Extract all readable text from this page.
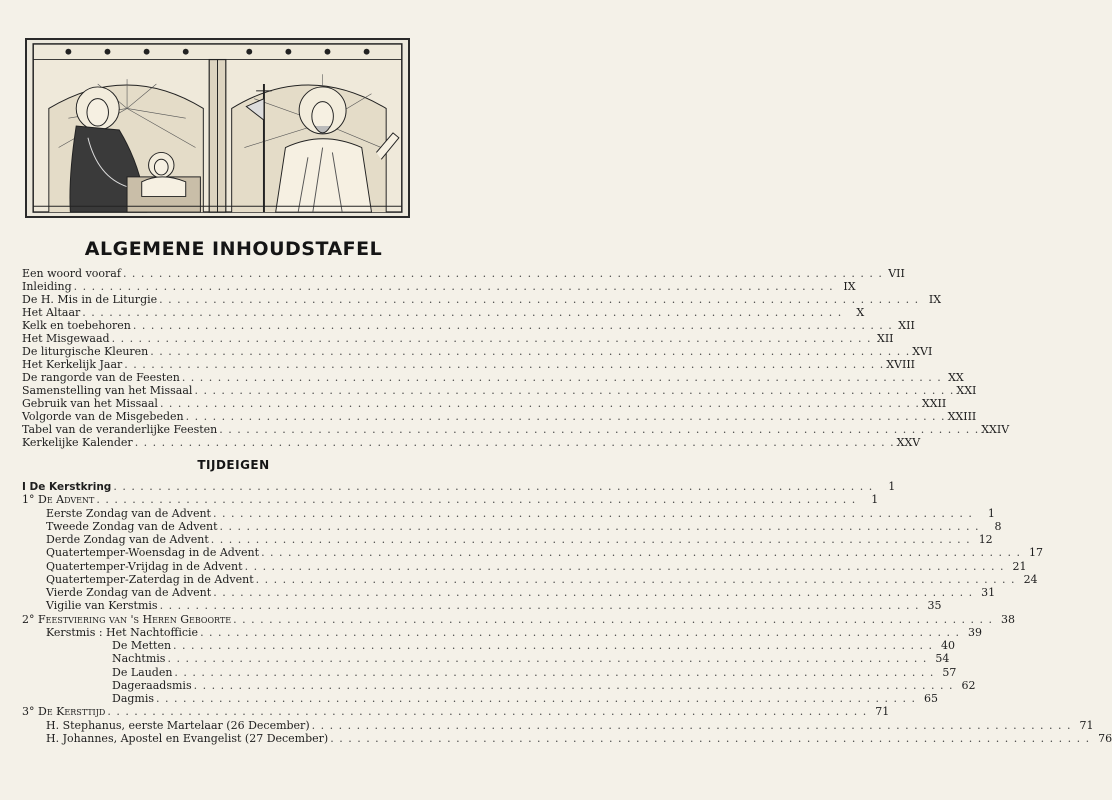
ALGEMENE INHOUDSTAFEL
Een woord vooraf . . .	VII
Inleiding . . .	IX
De H. Mis in de Liturgie . . .	IX
Het Altaar . . .	X
Kelk en toebehoren . . .	XII
Het Misgewaad . . .	XII
De liturgische Kleuren . . .	XVI
Het Kerkelijk Jaar . . .	XVIII
De rangorde van de Feesten . . .	XX
Samenstelling van het Missaal . . .	XXI
Gebruik van het Missaal . . .	XXII
Volgorde van de Misgebeden . . .	XXIII
Tabel van de veranderlijke Feesten . . .	XXIV
Kerkelijke Kalender . . .	XXV
TIJDEIGEN
I De Kerstkring . . .	1
1° De Advent . . .	1
Eerste Zondag van de Advent . . .	1
Tweede Zondag van de Advent . . .	8
Derde Zondag van de Advent . . .	12
Quatertemper-Woensdag in de Advent . . .	17
Quatertemper-Vrijdag in de Advent . . .	21
Quatertemper-Zaterdag in de Advent . . .	24
Vierde Zondag van de Advent . . .	31
Vigilie van Kerstmis . . .	35
2° Feestviering van 's Heren Geboorte . . .	38
Kerstmis : Het Nachtofficie . . .	39
De Metten . . .	40
Nachtmis . . .	54
De Lauden . . .	57
Dageraadsmis . . .	62
Dagmis . . .	65
3° De Kersttijd . . .	71
H. Stephanus, eerste Martelaar (26 December) . . .	71
H. Johannes, Apostel en Evangelist (27 December) . . .	76
